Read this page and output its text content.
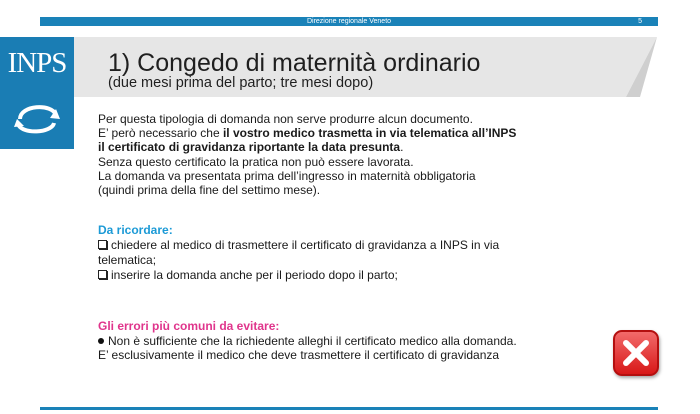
Direzione regionale Veneto	5
1) Congedo di maternità ordinario
(due mesi prima del parto; tre mesi dopo)
INPS

Per questa tipologia di domanda non serve produrre alcun documento.

E’ però necessario che il vostro medico trasmetta in via telematica all’INPS

il certificato di gravidanza riportante la data presunta.

Senza questo certificato la pratica non può essere lavorata.

La domanda va presentata prima dell’ingresso in maternità obbligatoria

(quindi prima della fine del settimo mese).

Da ricordare:
chiedere al medico di trasmettere il certificato di gravidanza a INPS in via
telematica;
inserire la domanda anche per il periodo dopo il parto;
Gli errori più comuni da evitare:
Non è sufficiente che la richiedente alleghi il certificato medico alla domanda.
E’ esclusivamente il medico che deve trasmettere il certificato di gravidanza
